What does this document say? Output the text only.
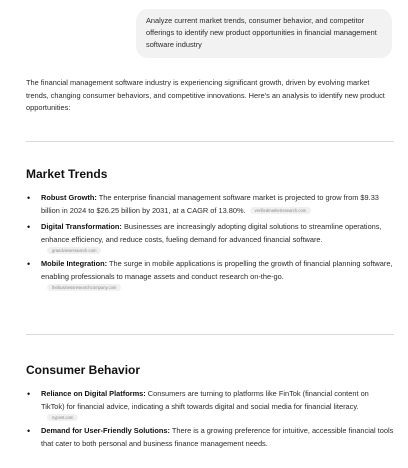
Analyze current market trends, consumer behavior, and competitor offerings to identify new product opportunities in financial management software industry

The financial management software industry is experiencing significant growth, driven by evolving market trends, changing consumer behaviors, and competitive innovations. Here's an analysis to identify new product opportunities:

Market Trends
• Robust Growth: The enterprise financial management software market is projected to grow from $9.33 billion in 2024 to $26.25 billion by 2031, at a CAGR of 13.80%. verifiedmarketresearch.com
• Digital Transformation: Businesses are increasingly adopting digital solutions to streamline operations, enhance efficiency, and reduce costs, fueling demand for advanced financial software.
grandviewresearch.com
• Mobile Integration: The surge in mobile applications is propelling the growth of financial planning software, enabling professionals to manage assets and conduct research on-the-go.
thebusinessresearchcompany.com
Consumer Behavior
• Reliance on Digital Platforms: Consumers are turning to platforms like FinTok (financial content on TikTok) for financial advice, indicating a shift towards digital and social media for financial literacy.
nypost.com
• Demand for User-Friendly Solutions: There is a growing preference for intuitive, accessible financial tools that cater to both personal and business finance management needs.
